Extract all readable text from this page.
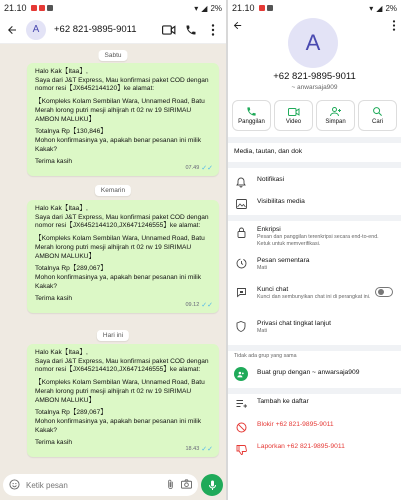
21.10	▾ ◢ 2%
A	+62 821-9895-9011
Sabtu

Halo Kak【Itaa】,
Saya dari J&T Express, Mau konfirmasi paket COD dengan nomor resi【JX6452144120】ke alamat:

【Kompleks Kolam Sembilan Wara, Unnamed Road, Batu Merah lorong putri mesji alhijrah rt 02 rw 19 SIRIMAU AMBON MALUKU】

Totalnya Rp【130,846】
Mohon konfirmasinya ya, apakah benar pesanan ini milik Kakak?

Terima kasih

07.49 ✓✓
Kemarin

Halo Kak【Itaa】,
Saya dari J&T Express, Mau konfirmasi paket COD dengan nomor resi【JX6452144120,JX6471246555】ke alamat:

【Kompleks Kolam Sembilan Wara, Unnamed Road, Batu Merah lorong putri mesji alhijrah rt 02 rw 19 SIRIMAU AMBON MALUKU】

Totalnya Rp【289,067】
Mohon konfirmasinya ya, apakah benar pesanan ini milik Kakak?

Terima kasih

09.12 ✓✓
Hari ini

Halo Kak【Itaa】,
Saya dari J&T Express, Mau konfirmasi paket COD dengan nomor resi【JX6452144120,JX6471246555】ke alamat:

【Kompleks Kolam Sembilan Wara, Unnamed Road, Batu Merah lorong putri mesji alhijrah rt 02 rw 19 SIRIMAU AMBON MALUKU】

Totalnya Rp【289,067】
Mohon konfirmasinya ya, apakah benar pesanan ini milik Kakak?

Terima kasih

18.43 ✓✓
Ketik pesan
21.10	▾ ◢ 2%
A
+62 821-9895-9011
~ anwarsaja909
Panggilan	Video	Simpan	Cari
Media, tautan, dan dok
Notifikasi
Visibilitas media
Enkripsi
Pesan dan panggilan terenkripsi secara end-to-end. Ketuk untuk memverifikasi.
Pesan sementara
Mati
Kunci chat
Kunci dan sembunyikan chat ini di perangkat ini.
Privasi chat tingkat lanjut
Mati
Tidak ada grup yang sama
Buat grup dengan ~ anwarsaja909
Tambah ke daftar
Blokir +62 821-9895-9011
Laporkan +62 821-9895-9011
